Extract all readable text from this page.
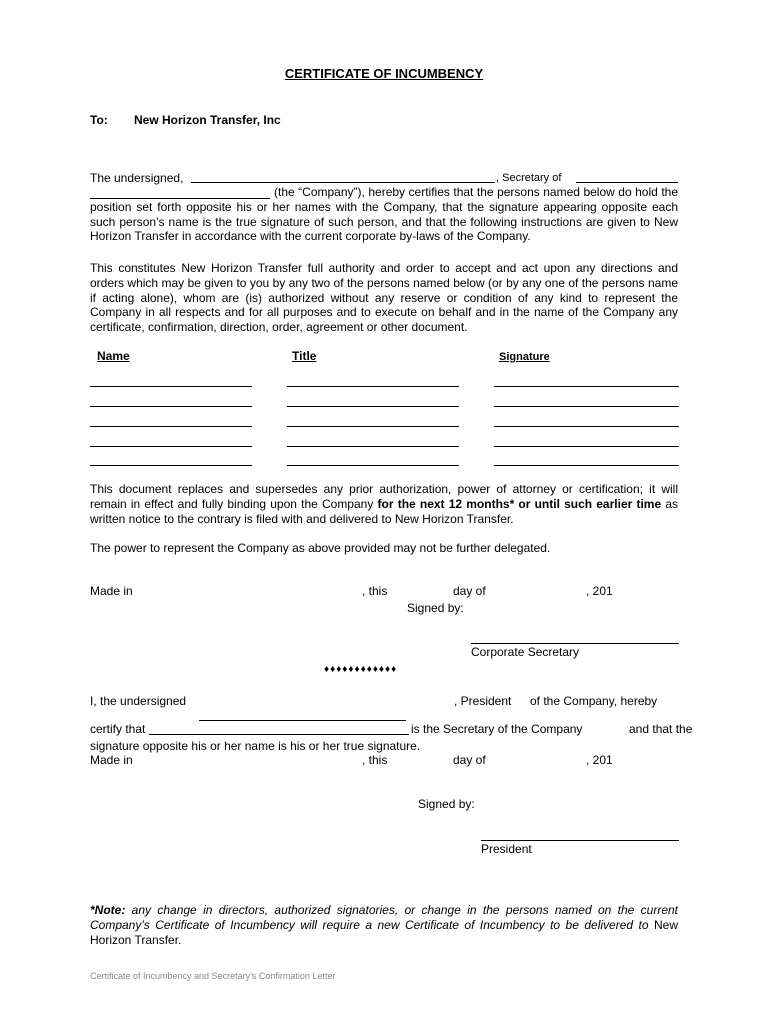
CERTIFICATE OF INCUMBENCY
To: New Horizon Transfer, Inc
The undersigned,	, Secretary of
(the “Company”), hereby certifies that the persons named below do hold the position set forth opposite his or her names with the Company, that the signature appearing opposite each such person’s name is the true signature of such person, and that the following instructions are given to New Horizon Transfer in accordance with the current corporate by-laws of the Company.
This constitutes New Horizon Transfer full authority and order to accept and act upon any directions and orders which may be given to you by any two of the persons named below (or by any one of the persons name if acting alone), whom are (is) authorized without any reserve or condition of any kind to represent the Company in all respects and for all purposes and to execute on behalf and in the name of the Company any certificate, confirmation, direction, order, agreement or other document.
Name	Title	Signature
This document replaces and supersedes any prior authorization, power of attorney or certification; it will remain in effect and fully binding upon the Company for the next 12 months* or until such earlier time as written notice to the contrary is filed with and delivered to New Horizon Transfer.
The power to represent the Company as above provided may not be further delegated.
Made in	, this	day of	, 201
Signed by:
Corporate Secretary
♦♦♦♦♦♦♦♦♦♦♦♦
I, the undersigned	, President of the Company, hereby
certify that	is the Secretary of the Company	and that the
signature opposite his or her name is his or her true signature.
Made in	, this	day of	, 201
Signed by:
President
*Note: any change in directors, authorized signatories, or change in the persons named on the current Company’s Certificate of Incumbency will require a new Certificate of Incumbency to be delivered to New Horizon Transfer.
Certificate of Incumbency and Secretary’s Confirmation Letter
